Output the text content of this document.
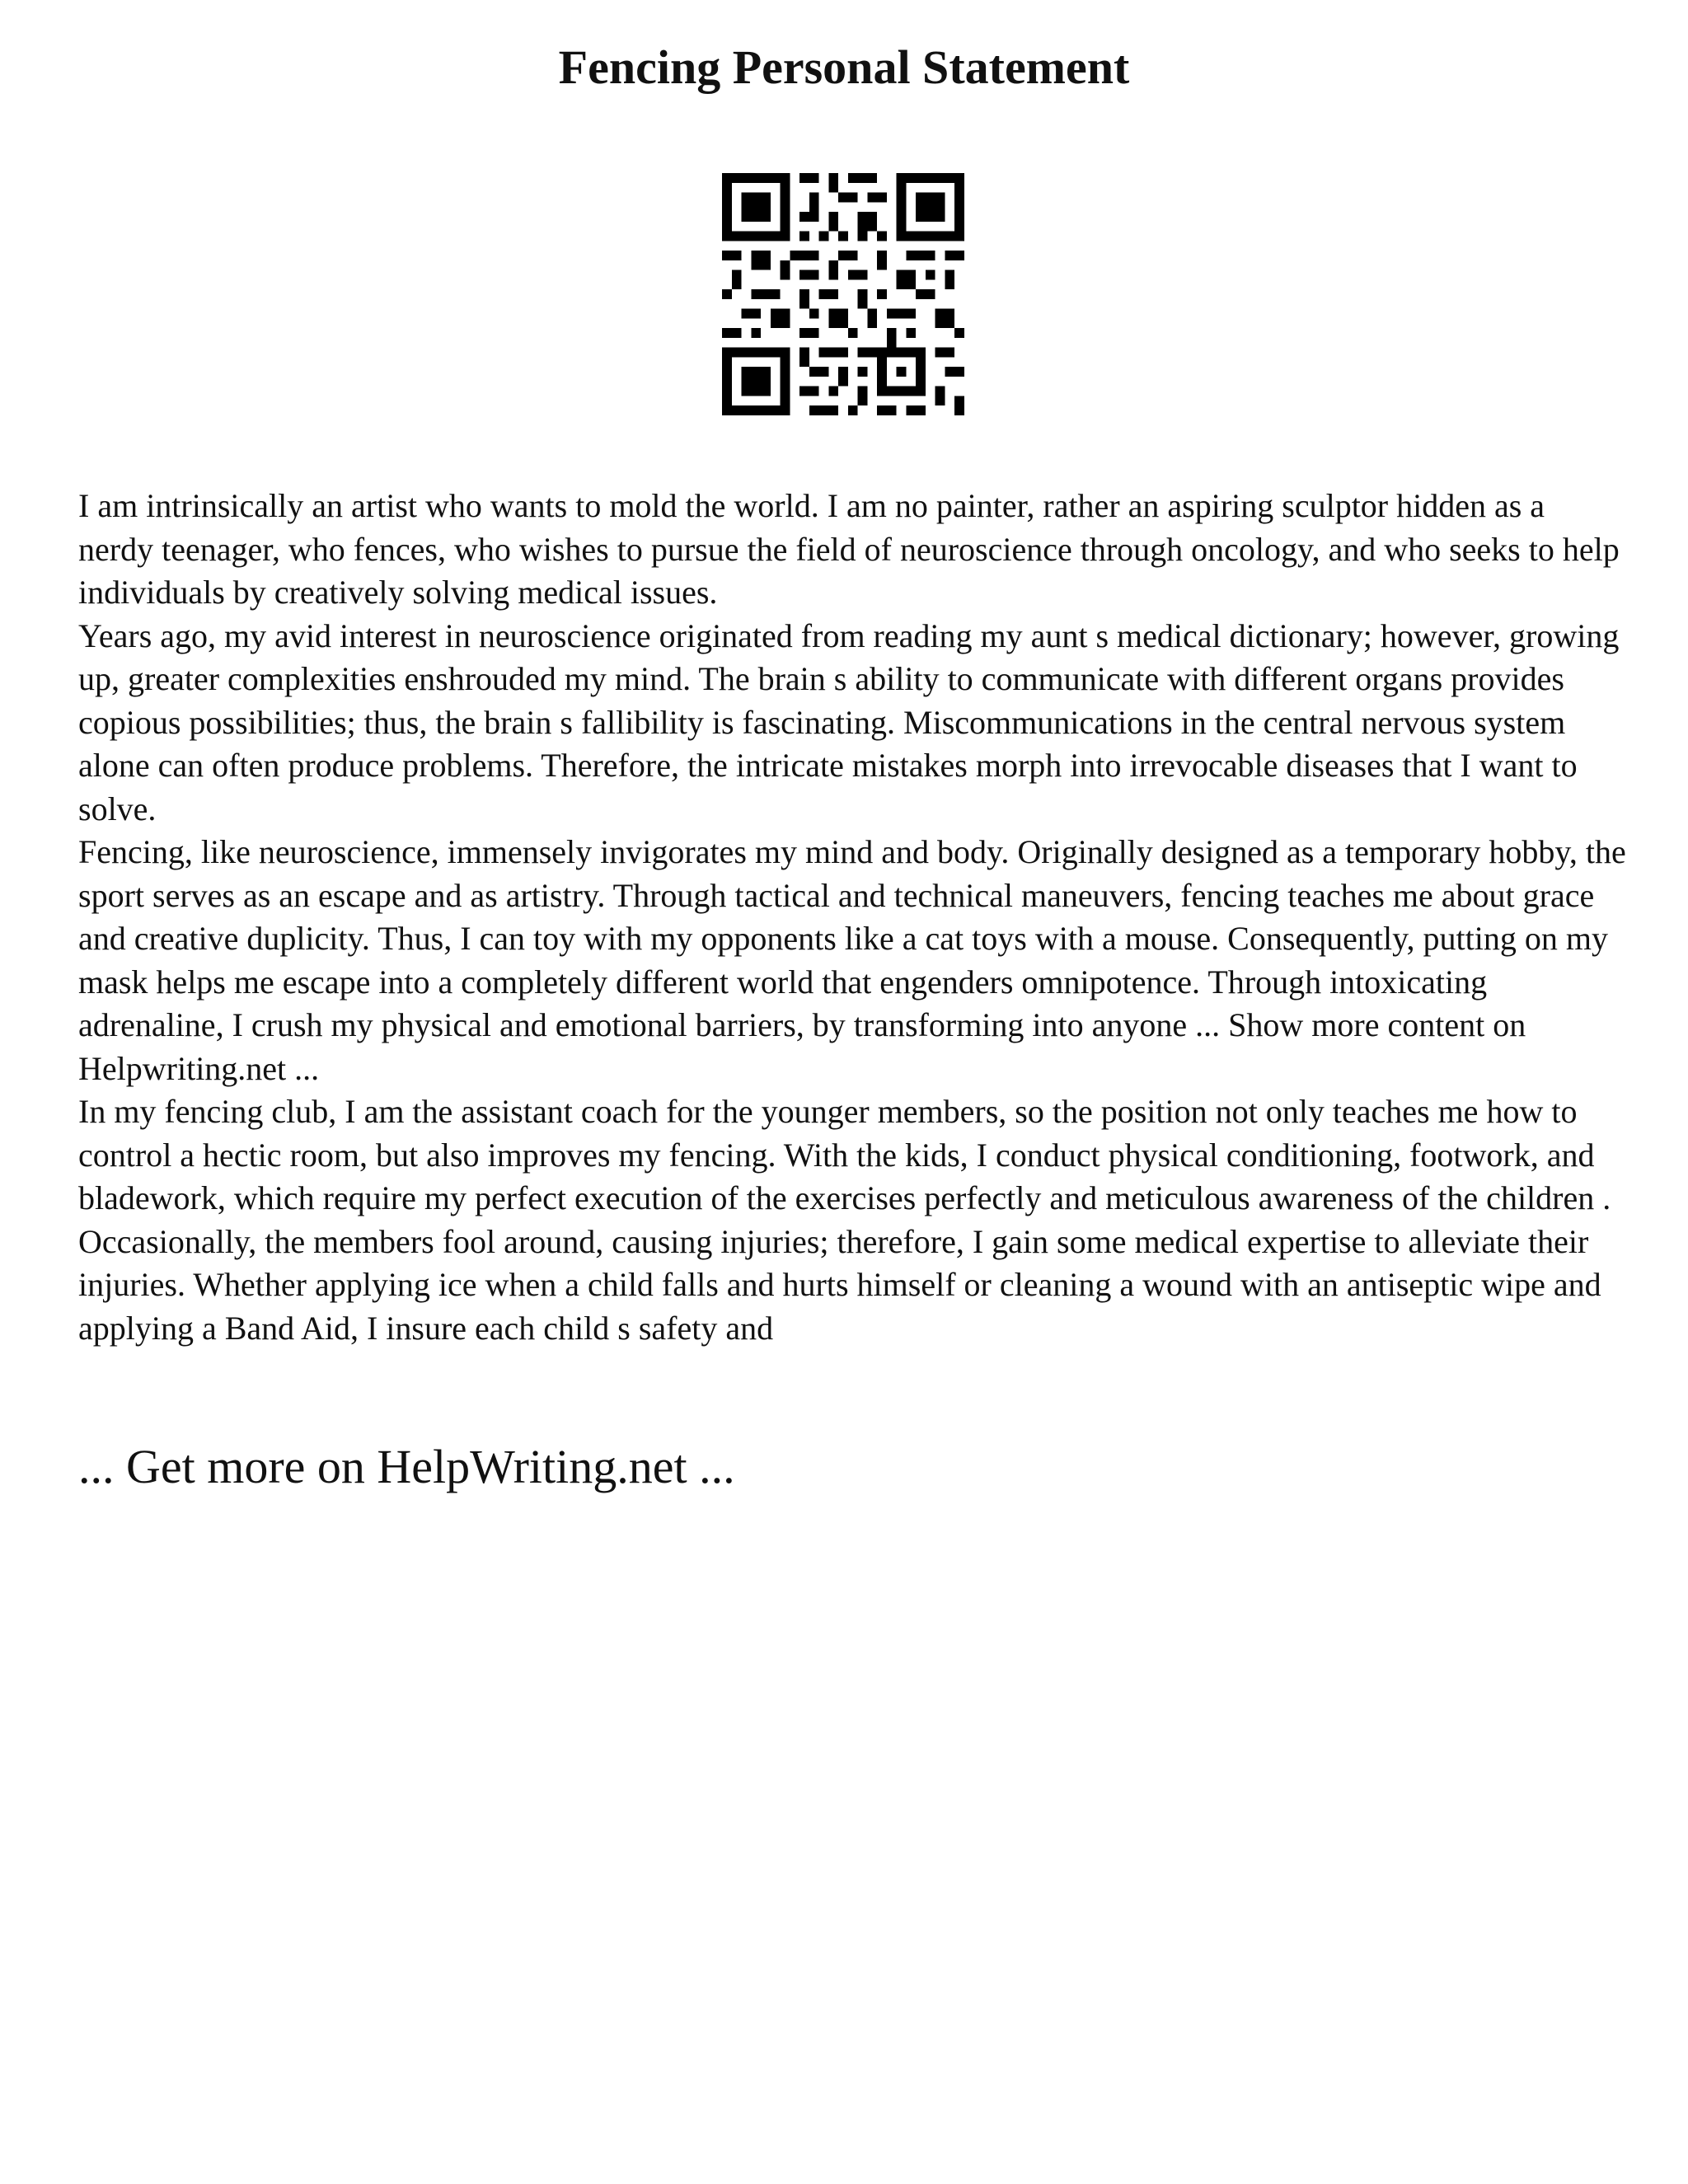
Fencing Personal Statement

I am intrinsically an artist who wants to mold the world. I am no painter, rather an aspiring sculptor hidden as a nerdy teenager, who fences, who wishes to pursue the field of neuroscience through oncology, and who seeks to help individuals by creatively solving medical issues.

Years ago, my avid interest in neuroscience originated from reading my aunt s medical dictionary; however, growing up, greater complexities enshrouded my mind. The brain s ability to communicate with different organs provides copious possibilities; thus, the brain s fallibility is fascinating. Miscommunications in the central nervous system alone can often produce problems. Therefore, the intricate mistakes morph into irrevocable diseases that I want to solve.

Fencing, like neuroscience, immensely invigorates my mind and body. Originally designed as a temporary hobby, the sport serves as an escape and as artistry. Through tactical and technical maneuvers, fencing teaches me about grace and creative duplicity. Thus, I can toy with my opponents like a cat toys with a mouse. Consequently, putting on my mask helps me escape into a completely different world that engenders omnipotence. Through intoxicating adrenaline, I crush my physical and emotional barriers, by transforming into anyone ... Show more content on Helpwriting.net ...

In my fencing club, I am the assistant coach for the younger members, so the position not only teaches me how to control a hectic room, but also improves my fencing. With the kids, I conduct physical conditioning, footwork, and bladework, which require my perfect execution of the exercises perfectly and meticulous awareness of the children . Occasionally, the members fool around, causing injuries; therefore, I gain some medical expertise to alleviate their injuries. Whether applying ice when a child falls and hurts himself or cleaning a wound with an antiseptic wipe and applying a Band Aid, I insure each child s safety and

... Get more on HelpWriting.net ...
